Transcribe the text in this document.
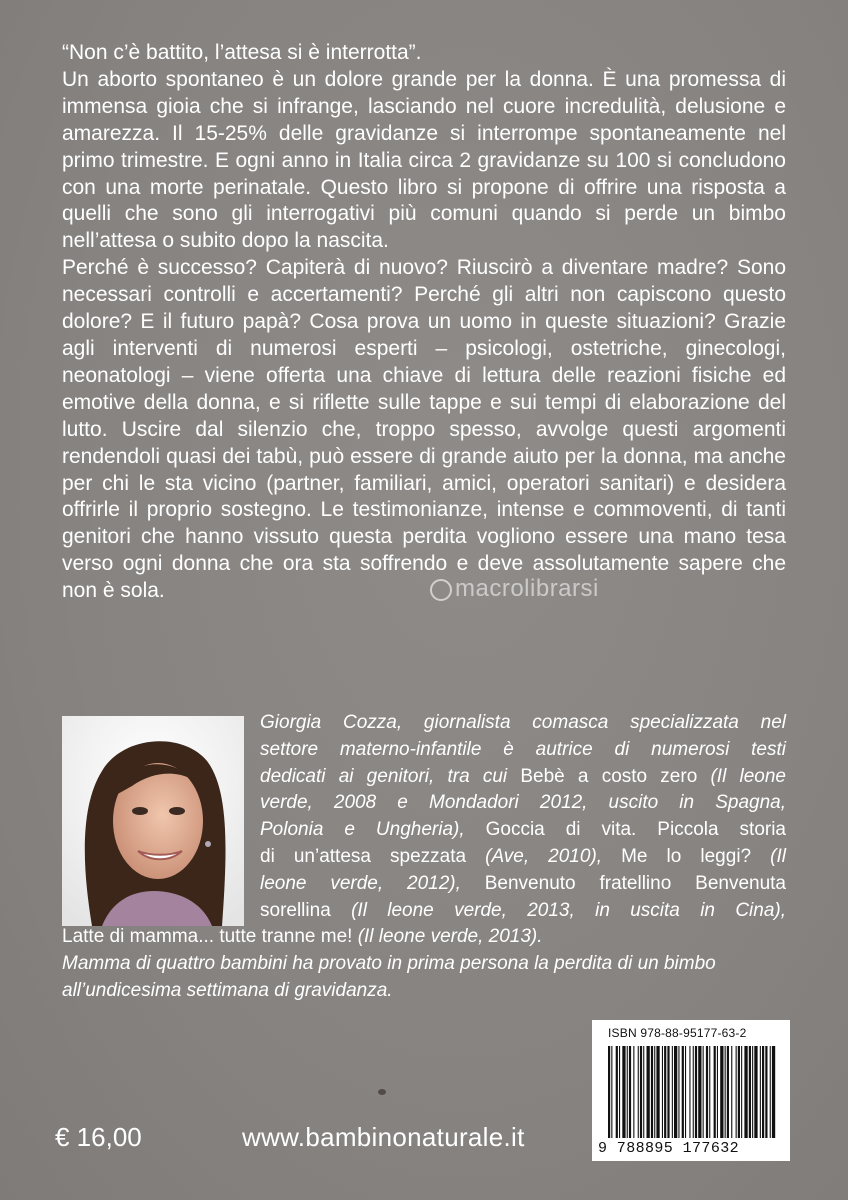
“Non c’è battito, l’attesa si è interrotta”.

Un aborto spontaneo è un dolore grande per la donna. È una promessa di immensa gioia che si infrange, lasciando nel cuore incredulità, delusione e amarezza. Il 15-25% delle gravidanze si interrompe spontaneamente nel primo trimestre. E ogni anno in Italia circa 2 gravidanze su 100 si concludono con una morte perinatale. Questo libro si propone di offrire una risposta a quelli che sono gli interrogativi più comuni quando si perde un bimbo nell’attesa o subito dopo la nascita.

Perché è successo? Capiterà di nuovo? Riuscirò a diventare madre? Sono necessari controlli e accertamenti? Perché gli altri non capiscono questo dolore? E il futuro papà? Cosa prova un uomo in queste situazioni? Grazie agli interventi di numerosi esperti – psicologi, ostetriche, ginecologi, neonatologi – viene offerta una chiave di lettura delle reazioni fisiche ed emotive della donna, e si riflette sulle tappe e sui tempi di elaborazione del lutto. Uscire dal silenzio che, troppo spesso, avvolge questi argomenti rendendoli quasi dei tabù, può essere di grande aiuto per la donna, ma anche per chi le sta vicino (partner, familiari, amici, operatori sanitari) e desidera offrirle il proprio sostegno. Le testimonianze, intense e commoventi, di tanti genitori che hanno vissuto questa perdita vogliono essere una mano tesa verso ogni donna che ora sta soffrendo e deve assolutamente sapere che non è sola.	macrolibrarsi
Giorgia Cozza, giornalista comasca specializzata nel
settore materno-infantile è autrice di numerosi testi
dedicati ai genitori, tra cui Bebè a costo zero (Il leone
verde, 2008 e Mondadori 2012, uscito in Spagna,
Polonia e Ungheria), Goccia di vita. Piccola storia
di un’attesa spezzata (Ave, 2010), Me lo leggi? (Il
leone verde, 2012), Benvenuto fratellino Benvenuta
sorellina (Il leone verde, 2013, in uscita in Cina),
Latte di mamma... tutte tranne me! (Il leone verde, 2013).
Mamma di quattro bambini ha provato in prima persona la perdita di un bimbo
all’undicesima settimana di gravidanza.
ISBN 978-88-95177-63-2
9 788895 177632
€ 16,00	www.bambinonaturale.it
